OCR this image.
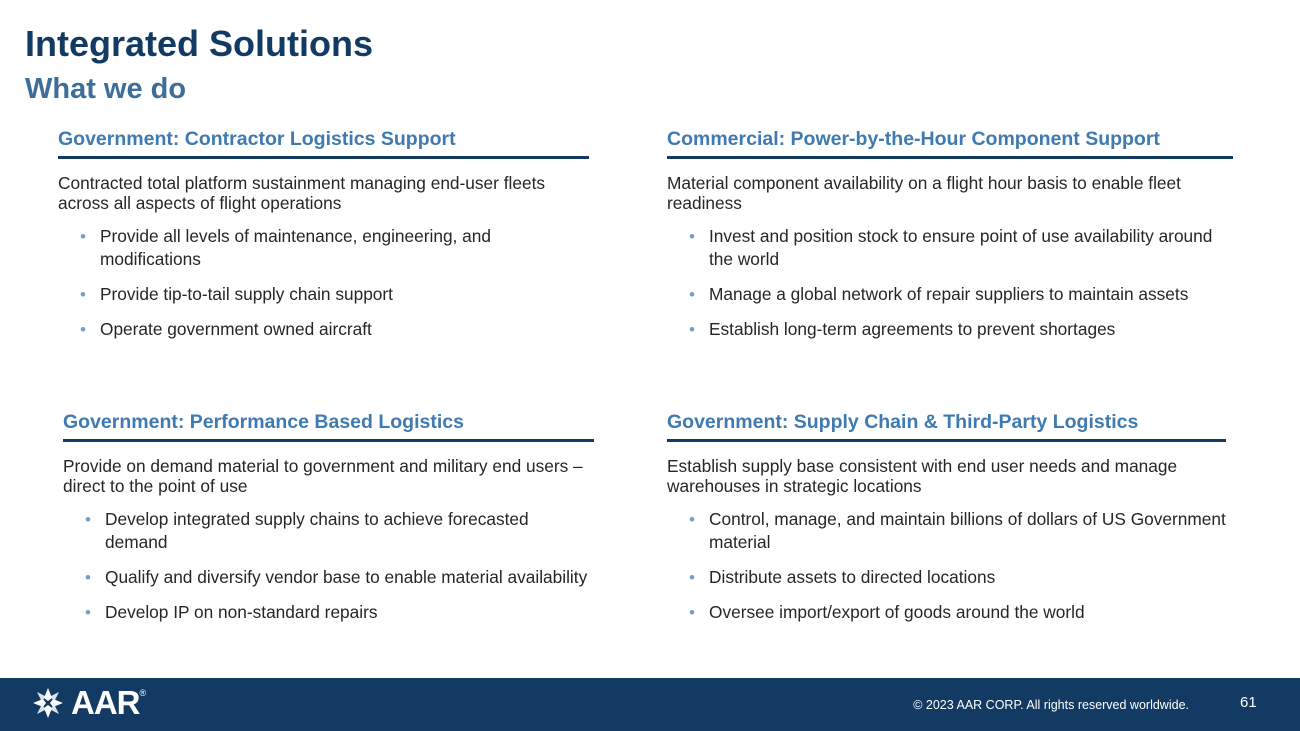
Integrated Solutions
What we do
Government: Contractor Logistics Support
Contracted total platform sustainment managing end-user fleets across all aspects of flight operations
• Provide all levels of maintenance, engineering, and modifications
• Provide tip-to-tail supply chain support
• Operate government owned aircraft
Commercial: Power-by-the-Hour Component Support
Material component availability on a flight hour basis to enable fleet readiness
• Invest and position stock to ensure point of use availability around the world
• Manage a global network of repair suppliers to maintain assets
• Establish long-term agreements to prevent shortages
Government: Performance Based Logistics
Provide on demand material to government and military end users – direct to the point of use
• Develop integrated supply chains to achieve forecasted demand
• Qualify and diversify vendor base to enable material availability
• Develop IP on non-standard repairs
Government: Supply Chain & Third-Party Logistics
Establish supply base consistent with end user needs and manage warehouses in strategic locations
• Control, manage, and maintain billions of dollars of US Government material
• Distribute assets to directed locations
• Oversee import/export of goods around the world
AAR ®
© 2023 AAR CORP. All rights reserved worldwide.	61
